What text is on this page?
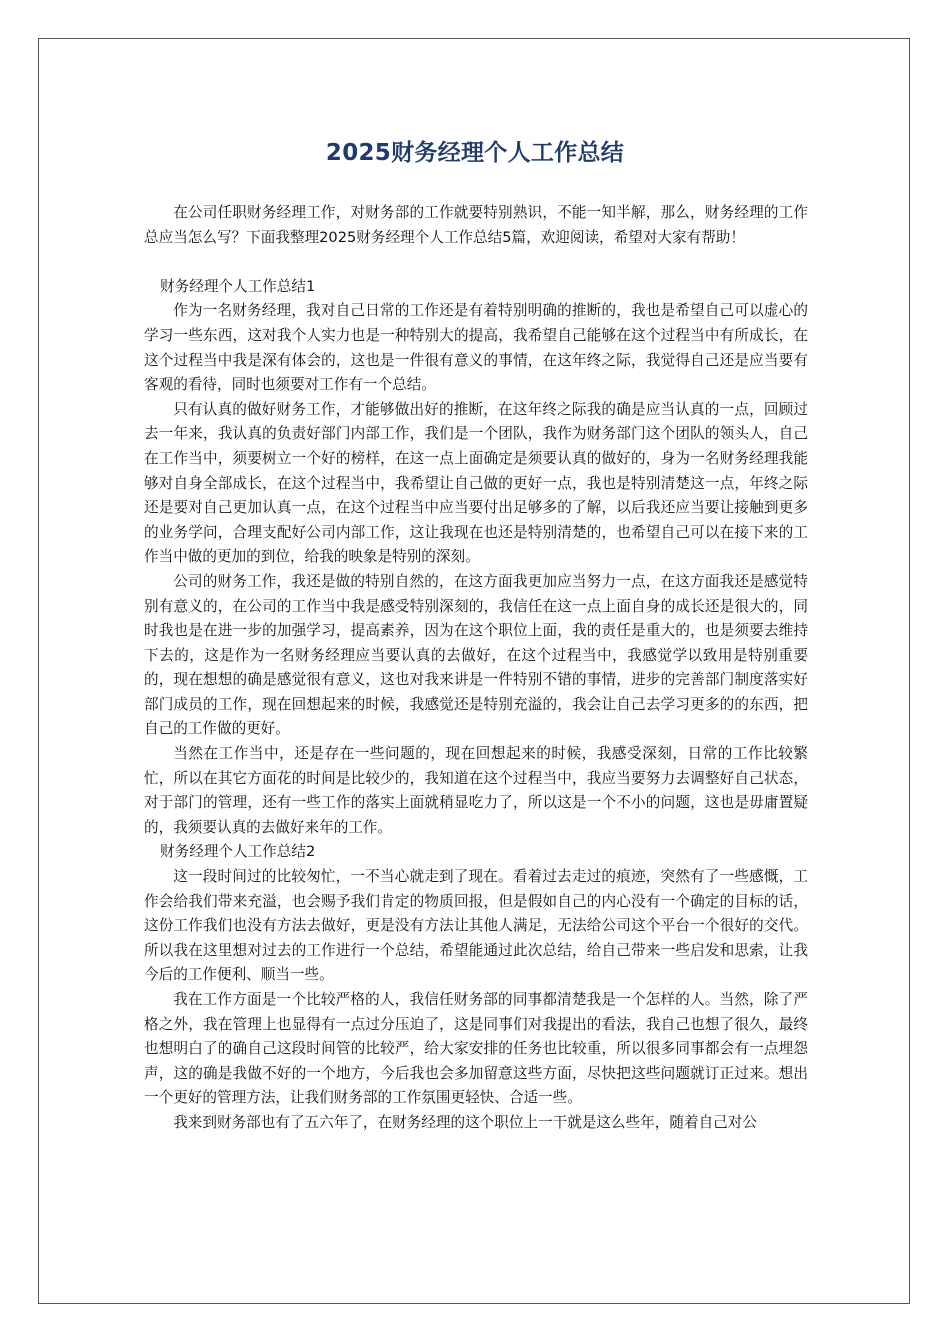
2025财务经理个人工作总结

在公司任职财务经理工作，对财务部的工作就要特别熟识，不能一知半解，那么，财务经理的工作总应当怎么写？下面我整理2025财务经理个人工作总结5篇，欢迎阅读，希望对大家有帮助！

财务经理个人工作总结1

作为一名财务经理，我对自己日常的工作还是有着特别明确的推断的，我也是希望自己可以虚心的学习一些东西，这对我个人实力也是一种特别大的提高，我希望自己能够在这个过程当中有所成长，在这个过程当中我是深有体会的，这也是一件很有意义的事情，在这年终之际，我觉得自己还是应当要有客观的看待，同时也须要对工作有一个总结。

只有认真的做好财务工作，才能够做出好的推断，在这年终之际我的确是应当认真的一点，回顾过去一年来，我认真的负责好部门内部工作，我们是一个团队，我作为财务部门这个团队的领头人，自己在工作当中，须要树立一个好的榜样，在这一点上面确定是须要认真的做好的，身为一名财务经理我能够对自身全部成长，在这个过程当中，我希望让自己做的更好一点，我也是特别清楚这一点，年终之际还是要对自己更加认真一点，在这个过程当中应当要付出足够多的了解，以后我还应当要让接触到更多的业务学问，合理支配好公司内部工作，这让我现在也还是特别清楚的，也希望自己可以在接下来的工作当中做的更加的到位，给我的映象是特别的深刻。

公司的财务工作，我还是做的特别自然的，在这方面我更加应当努力一点，在这方面我还是感觉特别有意义的，在公司的工作当中我是感受特别深刻的，我信任在这一点上面自身的成长还是很大的，同时我也是在进一步的加强学习，提高素养，因为在这个职位上面，我的责任是重大的，也是须要去维持下去的，这是作为一名财务经理应当要认真的去做好，在这个过程当中，我感觉学以致用是特别重要的，现在想想的确是感觉很有意义，这也对我来讲是一件特别不错的事情，进步的完善部门制度落实好部门成员的工作，现在回想起来的时候，我感觉还是特别充溢的，我会让自己去学习更多的的东西，把自己的工作做的更好。

当然在工作当中，还是存在一些问题的，现在回想起来的时候，我感受深刻，日常的工作比较繁忙，所以在其它方面花的时间是比较少的，我知道在这个过程当中，我应当要努力去调整好自己状态，对于部门的管理，还有一些工作的落实上面就稍显吃力了，所以这是一个不小的问题，这也是毋庸置疑的，我须要认真的去做好来年的工作。

财务经理个人工作总结2

这一段时间过的比较匆忙，一不当心就走到了现在。看着过去走过的痕迹，突然有了一些感慨，工作会给我们带来充溢，也会赐予我们肯定的物质回报，但是假如自己的内心没有一个确定的目标的话，这份工作我们也没有方法去做好，更是没有方法让其他人满足，无法给公司这个平台一个很好的交代。所以我在这里想对过去的工作进行一个总结，希望能通过此次总结，给自己带来一些启发和思索，让我今后的工作便利、顺当一些。

我在工作方面是一个比较严格的人，我信任财务部的同事都清楚我是一个怎样的人。当然，除了严格之外，我在管理上也显得有一点过分压迫了，这是同事们对我提出的看法，我自己也想了很久，最终也想明白了的确自己这段时间管的比较严，给大家安排的任务也比较重，所以很多同事都会有一点埋怨声，这的确是我做不好的一个地方，今后我也会多加留意这些方面，尽快把这些问题就订正过来。想出一个更好的管理方法，让我们财务部的工作氛围更轻快、合适一些。

我来到财务部也有了五六年了，在财务经理的这个职位上一干就是这么些年，随着自己对公
